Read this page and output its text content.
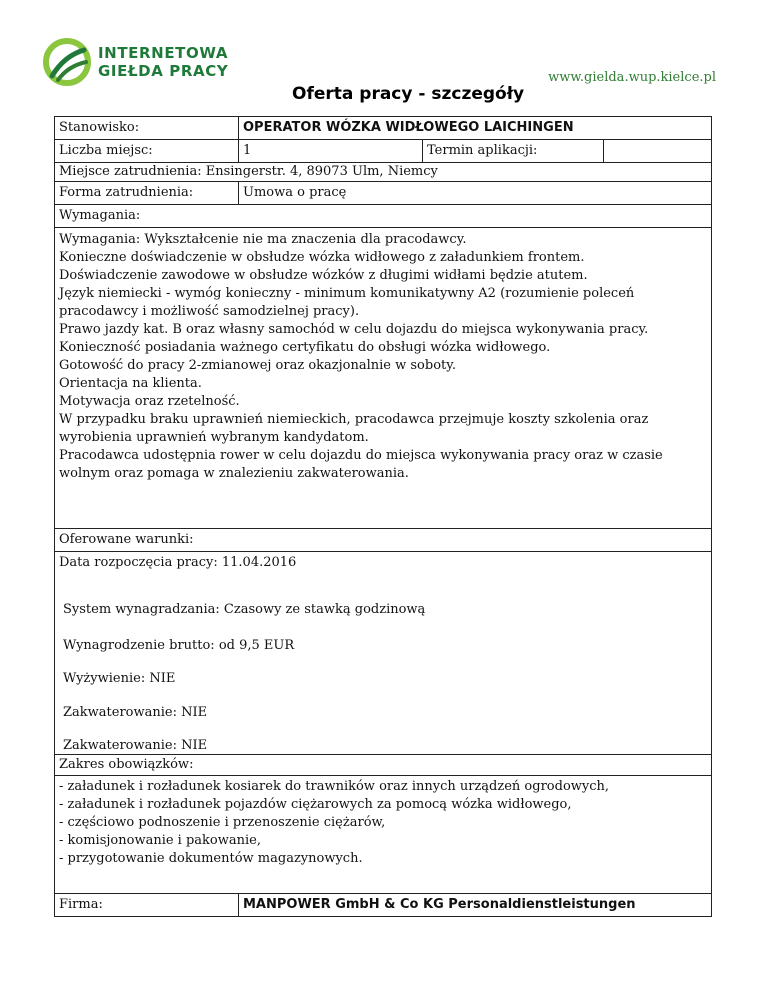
INTERNETOWA
GIEŁDA PRACY	www.gielda.wup.kielce.pl
Oferta pracy - szczegóły
Stanowisko:	OPERATOR WÓZKA WIDŁOWEGO LAICHINGEN
Liczba miejsc:	1	Termin aplikacji:
Miejsce zatrudnienia: Ensingerstr. 4, 89073 Ulm, Niemcy
Forma zatrudnienia:	Umowa o pracę
Wymagania:
Wymagania: Wykształcenie nie ma znaczenia dla pracodawcy.
Konieczne doświadczenie w obsłudze wózka widłowego z załadunkiem frontem.
Doświadczenie zawodowe w obsłudze wózków z długimi widłami będzie atutem.
Język niemiecki - wymóg konieczny - minimum komunikatywny A2 (rozumienie poleceń
pracodawcy i możliwość samodzielnej pracy).
Prawo jazdy kat. B oraz własny samochód w celu dojazdu do miejsca wykonywania pracy.
Konieczność posiadania ważnego certyfikatu do obsługi wózka widłowego.
Gotowość do pracy 2-zmianowej oraz okazjonalnie w soboty.
Orientacja na klienta.
Motywacja oraz rzetelność.
W przypadku braku uprawnień niemieckich, pracodawca przejmuje koszty szkolenia oraz
wyrobienia uprawnień wybranym kandydatom.
Pracodawca udostępnia rower w celu dojazdu do miejsca wykonywania pracy oraz w czasie
wolnym oraz pomaga w znalezieniu zakwaterowania.
Oferowane warunki:

Data rozpoczęcia pracy: 11.04.2016

System wynagradzania: Czasowy ze stawką godzinową

Wynagrodzenie brutto: od 9,5 EUR

Wyżywienie: NIE

Zakwaterowanie: NIE

Zakwaterowanie: NIE

Zakres obowiązków:
- załadunek i rozładunek kosiarek do trawników oraz innych urządzeń ogrodowych,
- załadunek i rozładunek pojazdów ciężarowych za pomocą wózka widłowego,
- częściowo podnoszenie i przenoszenie ciężarów,
- komisjonowanie i pakowanie,
- przygotowanie dokumentów magazynowych.
Firma:	MANPOWER GmbH & Co KG Personaldienstleistungen
